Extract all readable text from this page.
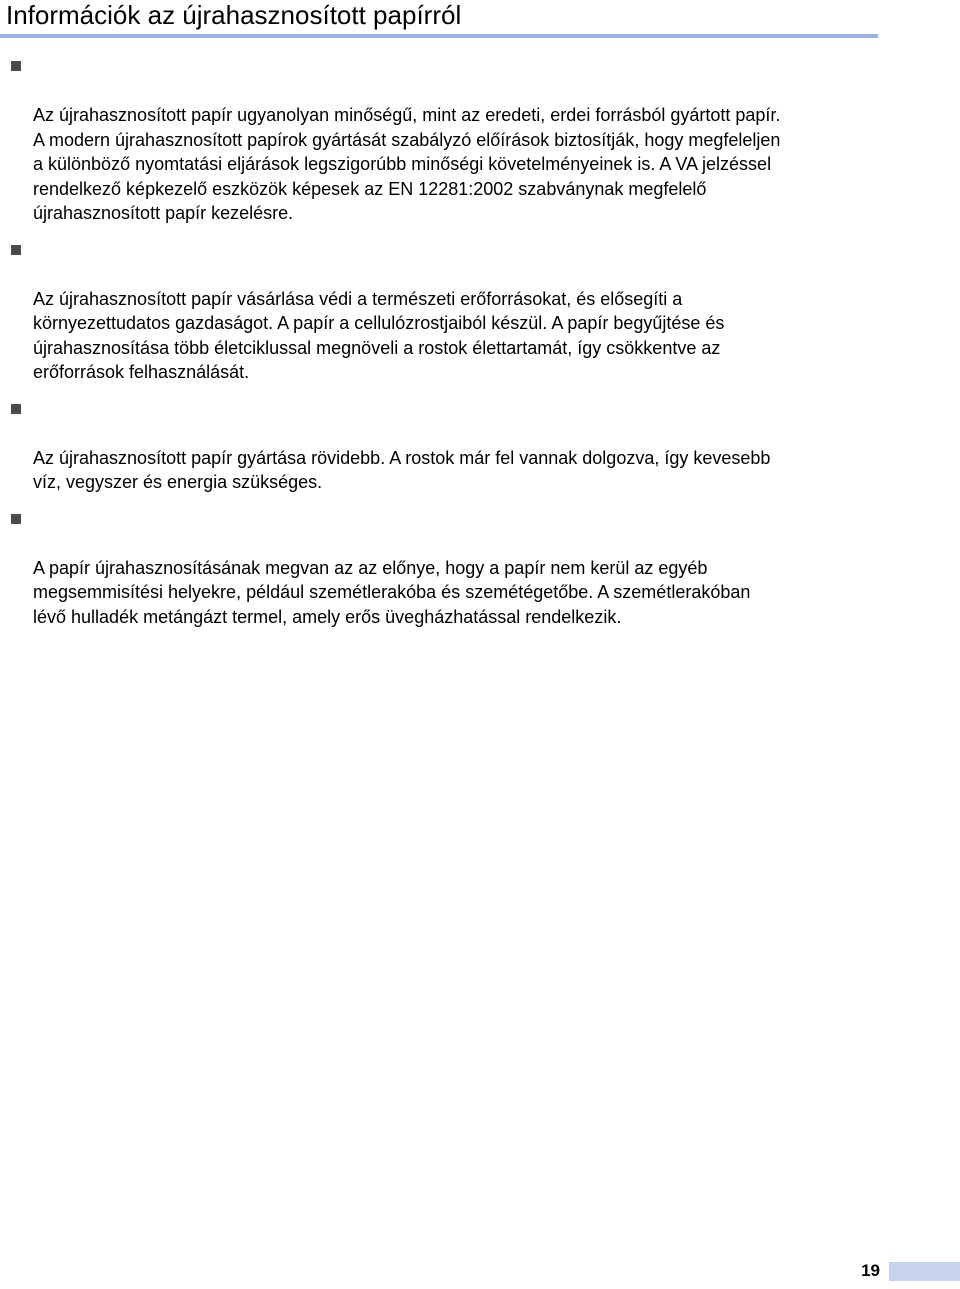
Információk az újrahasznosított papírról

Az újrahasznosított papír ugyanolyan minőségű, mint az eredeti, erdei forrásból gyártott papír.
A modern újrahasznosított papírok gyártását szabályzó előírások biztosítják, hogy megfeleljen
a különböző nyomtatási eljárások legszigorúbb minőségi követelményeinek is. A VA jelzéssel
rendelkező képkezelő eszközök képesek az EN 12281:2002 szabványnak megfelelő
újrahasznosított papír kezelésre.

Az újrahasznosított papír vásárlása védi a természeti erőforrásokat, és elősegíti a
környezettudatos gazdaságot. A papír a cellulózrostjaiból készül. A papír begyűjtése és
újrahasznosítása több életciklussal megnöveli a rostok élettartamát, így csökkentve az
erőforrások felhasználását.

Az újrahasznosított papír gyártása rövidebb. A rostok már fel vannak dolgozva, így kevesebb
víz, vegyszer és energia szükséges.

A papír újrahasznosításának megvan az az előnye, hogy a papír nem kerül az egyéb
megsemmisítési helyekre, például szemétlerakóba és szemétégetőbe. A szemétlerakóban
lévő hulladék metángázt termel, amely erős üvegházhatással rendelkezik.

19
